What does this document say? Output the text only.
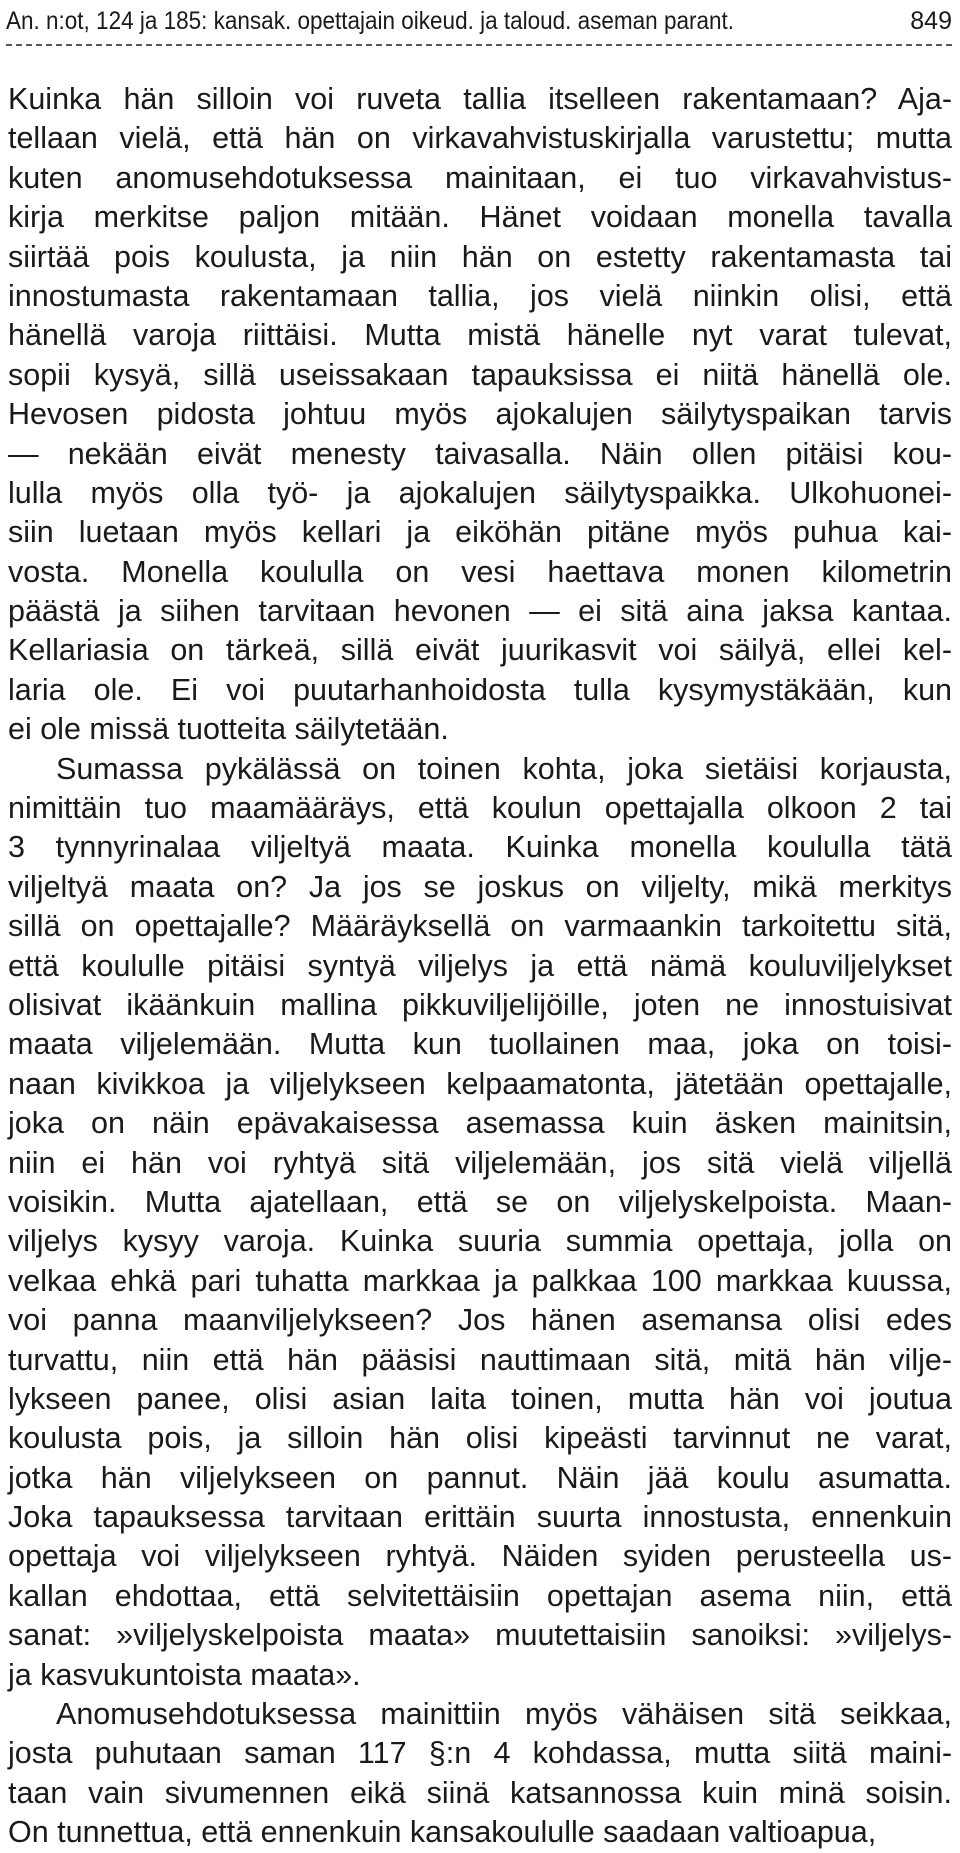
An. n:ot, 124 ja 185: kansak. opettajain oikeud. ja taloud. aseman parant.	849
Kuinka hän silloin voi ruveta tallia itselleen rakentamaan? Aja-
tellaan vielä, että hän on virkavahvistuskirjalla varustettu; mutta
kuten anomusehdotuksessa mainitaan, ei tuo virkavahvistus-
kirja merkitse paljon mitään. Hänet voidaan monella tavalla
siirtää pois koulusta, ja niin hän on estetty rakentamasta tai
innostumasta rakentamaan tallia, jos vielä niinkin olisi, että
hänellä varoja riittäisi. Mutta mistä hänelle nyt varat tulevat,
sopii kysyä, sillä useissakaan tapauksissa ei niitä hänellä ole.
Hevosen pidosta johtuu myös ajokalujen säilytyspaikan tarvis
— nekään eivät menesty taivasalla. Näin ollen pitäisi kou-
lulla myös olla työ- ja ajokalujen säilytyspaikka. Ulkohuonei-
siin luetaan myös kellari ja eiköhän pitäne myös puhua kai-
vosta. Monella koululla on vesi haettava monen kilometrin
päästä ja siihen tarvitaan hevonen — ei sitä aina jaksa kantaa.
Kellariasia on tärkeä, sillä eivät juurikasvit voi säilyä, ellei kel-
laria ole. Ei voi puutarhanhoidosta tulla kysymystäkään, kun
ei ole missä tuotteita säilytetään.
Sumassa pykälässä on toinen kohta, joka sietäisi korjausta,
nimittäin tuo maamääräys, että koulun opettajalla olkoon 2 tai
3 tynnyrinalaa viljeltyä maata. Kuinka monella koululla tätä
viljeltyä maata on? Ja jos se joskus on viljelty, mikä merkitys
sillä on opettajalle? Määräyksellä on varmaankin tarkoitettu sitä,
että koululle pitäisi syntyä viljelys ja että nämä kouluviljelykset
olisivat ikäänkuin mallina pikkuviljelijöille, joten ne innostuisivat
maata viljelemään. Mutta kun tuollainen maa, joka on toisi-
naan kivikkoa ja viljelykseen kelpaamatonta, jätetään opettajalle,
joka on näin epävakaisessa asemassa kuin äsken mainitsin,
niin ei hän voi ryhtyä sitä viljelemään, jos sitä vielä viljellä
voisikin. Mutta ajatellaan, että se on viljelyskelpoista. Maan-
viljelys kysyy varoja. Kuinka suuria summia opettaja, jolla on
velkaa ehkä pari tuhatta markkaa ja palkkaa 100 markkaa kuussa,
voi panna maanviljelykseen? Jos hänen asemansa olisi edes
turvattu, niin että hän pääsisi nauttimaan sitä, mitä hän vilje-
lykseen panee, olisi asian laita toinen, mutta hän voi joutua
koulusta pois, ja silloin hän olisi kipeästi tarvinnut ne varat,
jotka hän viljelykseen on pannut. Näin jää koulu asumatta.
Joka tapauksessa tarvitaan erittäin suurta innostusta, ennenkuin
opettaja voi viljelykseen ryhtyä. Näiden syiden perusteella us-
kallan ehdottaa, että selvitettäisiin opettajan asema niin, että
sanat: »viljelyskelpoista maata» muutettaisiin sanoiksi: »viljelys-
ja kasvukuntoista maata».
Anomusehdotuksessa mainittiin myös vähäisen sitä seikkaa,
josta puhutaan saman 117 §:n 4 kohdassa, mutta siitä maini-
taan vain sivumennen eikä siinä katsannossa kuin minä soisin.
On tunnettua, että ennenkuin kansakoululle saadaan valtioapua,
